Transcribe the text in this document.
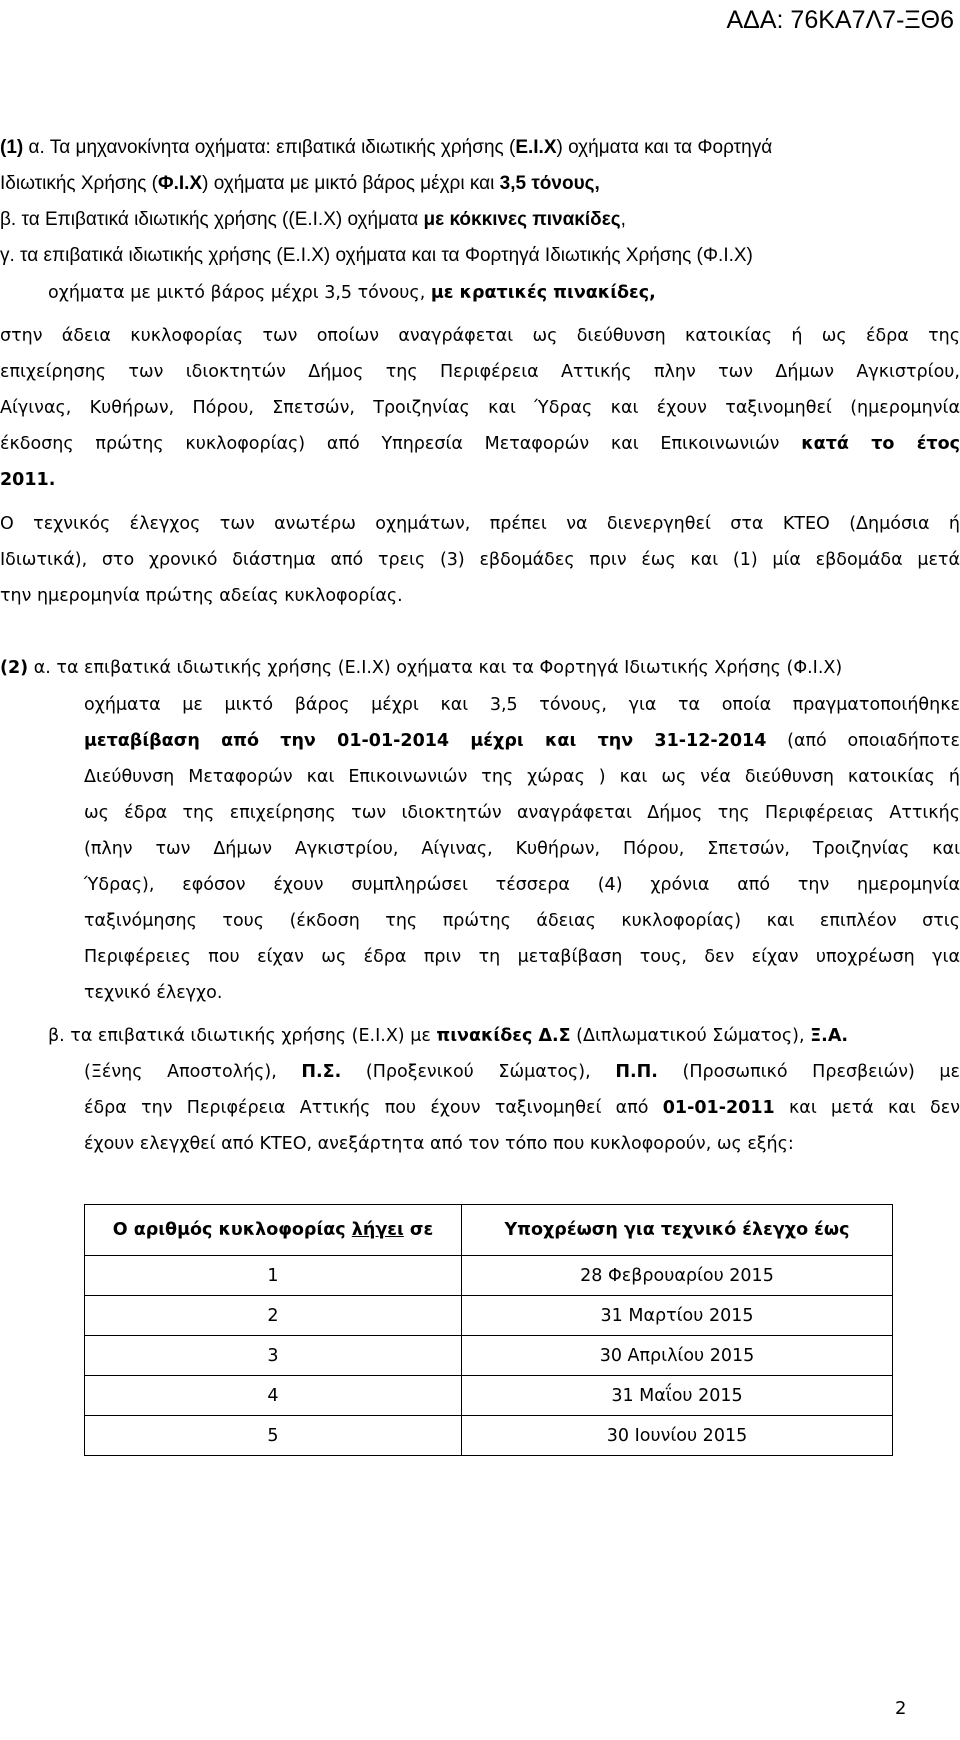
ΑΔΑ: 76ΚΑ7Λ7-ΞΘ6
(1) α. Τα μηχανοκίνητα οχήματα: επιβατικά ιδιωτικής χρήσης (Ε.Ι.Χ) οχήματα και τα Φορτηγά
Ιδιωτικής Χρήσης (Φ.Ι.Χ) οχήματα με μικτό βάρος μέχρι και 3,5 τόνους,
β. τα Επιβατικά ιδιωτικής χρήσης ((Ε.Ι.Χ) οχήματα με κόκκινες πινακίδες,
γ. τα επιβατικά ιδιωτικής χρήσης (Ε.Ι.Χ) οχήματα και τα Φορτηγά Ιδιωτικής Χρήσης (Φ.Ι.Χ)
οχήματα με μικτό βάρος μέχρι 3,5 τόνους, με κρατικές πινακίδες,
στην άδεια κυκλοφορίας των οποίων αναγράφεται ως διεύθυνση κατοικίας ή ως έδρα της
επιχείρησης των ιδιοκτητών Δήμος της Περιφέρεια Αττικής πλην των Δήμων Αγκιστρίου,
Αίγινας, Κυθήρων, Πόρου, Σπετσών, Τροιζηνίας και Ύδρας και έχουν ταξινομηθεί (ημερομηνία
έκδοσης πρώτης κυκλοφορίας) από Υπηρεσία Μεταφορών και Επικοινωνιών κατά το έτος
2011.
Ο τεχνικός έλεγχος των ανωτέρω οχημάτων, πρέπει να διενεργηθεί στα ΚΤΕΟ (Δημόσια ή
Ιδιωτικά), στο χρονικό διάστημα από τρεις (3) εβδομάδες πριν έως και (1) μία εβδομάδα μετά
την ημερομηνία πρώτης αδείας κυκλοφορίας.
(2) α. τα επιβατικά ιδιωτικής χρήσης (Ε.Ι.Χ) οχήματα και τα Φορτηγά Ιδιωτικής Χρήσης (Φ.Ι.Χ)
οχήματα με μικτό βάρος μέχρι και 3,5 τόνους, για τα οποία πραγματοποιήθηκε
μεταβίβαση από την 01-01-2014 μέχρι και την 31-12-2014 (από οποιαδήποτε
Διεύθυνση Μεταφορών και Επικοινωνιών της χώρας ) και ως νέα διεύθυνση κατοικίας ή
ως έδρα της επιχείρησης των ιδιοκτητών αναγράφεται Δήμος της Περιφέρειας Αττικής
(πλην των Δήμων Αγκιστρίου, Αίγινας, Κυθήρων, Πόρου, Σπετσών, Τροιζηνίας και
Ύδρας), εφόσον έχουν συμπληρώσει τέσσερα (4) χρόνια από την ημερομηνία
ταξινόμησης τους (έκδοση της πρώτης άδειας κυκλοφορίας) και επιπλέον στις
Περιφέρειες που είχαν ως έδρα πριν τη μεταβίβαση τους, δεν είχαν υποχρέωση για
τεχνικό έλεγχο.
β. τα επιβατικά ιδιωτικής χρήσης (Ε.Ι.Χ) με πινακίδες Δ.Σ (Διπλωματικού Σώματος), Ξ.Α.
(Ξένης Αποστολής), Π.Σ. (Προξενικού Σώματος), Π.Π. (Προσωπικό Πρεσβειών) με
έδρα την Περιφέρεια Αττικής που έχουν ταξινομηθεί από 01-01-2011 και μετά και δεν
έχουν ελεγχθεί από ΚΤΕΟ, ανεξάρτητα από τον τόπο που κυκλοφορούν, ως εξής:
Ο αριθμός κυκλοφορίας λήγει σε	Υποχρέωση για τεχνικό έλεγχο έως
1	28 Φεβρουαρίου 2015
2	31 Μαρτίου 2015
3	30 Απριλίου 2015
4	31 Μαΐου 2015
5	30 Ιουνίου 2015
2
